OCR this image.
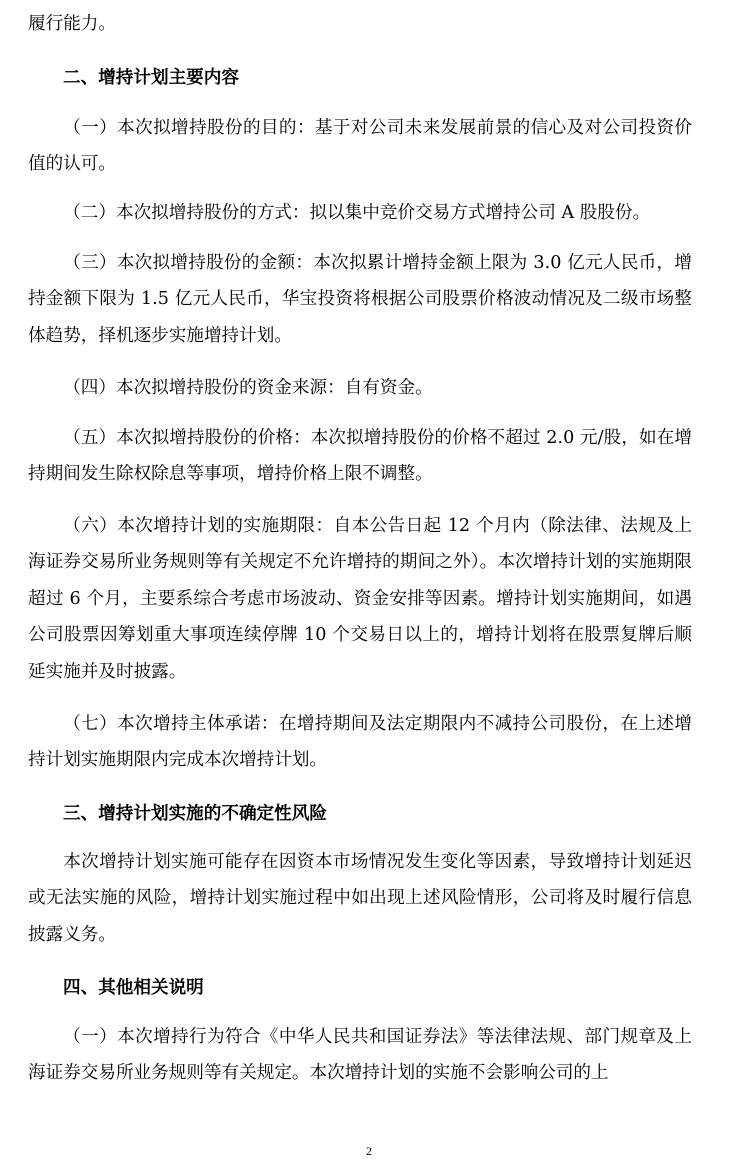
履行能力。

二、增持计划主要内容

（一）本次拟增持股份的目的：基于对公司未来发展前景的信心及对公司投资价值的认可。

（二）本次拟增持股份的方式：拟以集中竞价交易方式增持公司 A 股股份。

（三）本次拟增持股份的金额：本次拟累计增持金额上限为 3.0 亿元人民币，增持金额下限为 1.5 亿元人民币，华宝投资将根据公司股票价格波动情况及二级市场整体趋势，择机逐步实施增持计划。

（四）本次拟增持股份的资金来源：自有资金。

（五）本次拟增持股份的价格：本次拟增持股份的价格不超过 2.0 元/股，如在增持期间发生除权除息等事项，增持价格上限不调整。

（六）本次增持计划的实施期限：自本公告日起 12 个月内（除法律、法规及上海证券交易所业务规则等有关规定不允许增持的期间之外）。本次增持计划的实施期限超过 6 个月，主要系综合考虑市场波动、资金安排等因素。增持计划实施期间，如遇公司股票因筹划重大事项连续停牌 10 个交易日以上的，增持计划将在股票复牌后顺延实施并及时披露。

（七）本次增持主体承诺：在增持期间及法定期限内不减持公司股份，在上述增持计划实施期限内完成本次增持计划。

三、增持计划实施的不确定性风险

本次增持计划实施可能存在因资本市场情况发生变化等因素，导致增持计划延迟或无法实施的风险，增持计划实施过程中如出现上述风险情形，公司将及时履行信息披露义务。

四、其他相关说明

（一）本次增持行为符合《中华人民共和国证券法》等法律法规、部门规章及上海证券交易所业务规则等有关规定。本次增持计划的实施不会影响公司的上

2
